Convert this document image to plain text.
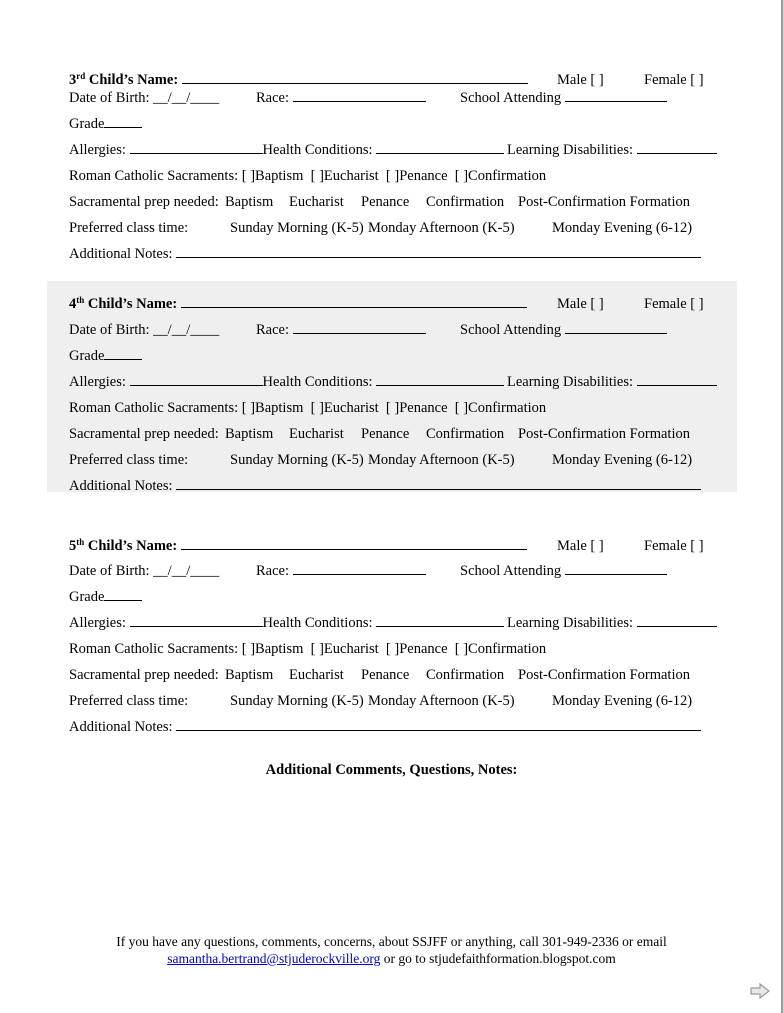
3rd Child’s Name:	Male [ ]	Female [ ]
Date of Birth: __/__/____	Race:	School Attending
Grade
Allergies:	Health Conditions:	Learning Disabilities:
Roman Catholic Sacraments: [ ]Baptism  [ ]Eucharist  [ ]Penance  [ ]Confirmation
Sacramental prep needed: Baptism Eucharist Penance Confirmation Post-Confirmation Formation
Preferred class time:	Sunday Morning (K-5) Monday Afternoon (K-5)	Monday Evening (6-12)
Additional Notes:
4th Child’s Name:	Male [ ]	Female [ ]
Date of Birth: __/__/____	Race:	School Attending
Grade
Allergies:	Health Conditions:	Learning Disabilities:
Roman Catholic Sacraments: [ ]Baptism  [ ]Eucharist  [ ]Penance  [ ]Confirmation
Sacramental prep needed: Baptism Eucharist Penance Confirmation Post-Confirmation Formation
Preferred class time:	Sunday Morning (K-5) Monday Afternoon (K-5)	Monday Evening (6-12)
Additional Notes:
5th Child’s Name:	Male [ ]	Female [ ]
Date of Birth: __/__/____	Race:	School Attending
Grade
Allergies:	Health Conditions:	Learning Disabilities:
Roman Catholic Sacraments: [ ]Baptism  [ ]Eucharist  [ ]Penance  [ ]Confirmation
Sacramental prep needed: Baptism Eucharist Penance Confirmation Post-Confirmation Formation
Preferred class time:	Sunday Morning (K-5) Monday Afternoon (K-5)	Monday Evening (6-12)
Additional Notes:
Additional Comments, Questions, Notes:
If you have any questions, comments, concerns, about SSJFF or anything, call 301-949-2336 or email
samantha.bertrand@stjuderockville.org or go to stjudefaithformation.blogspot.com
